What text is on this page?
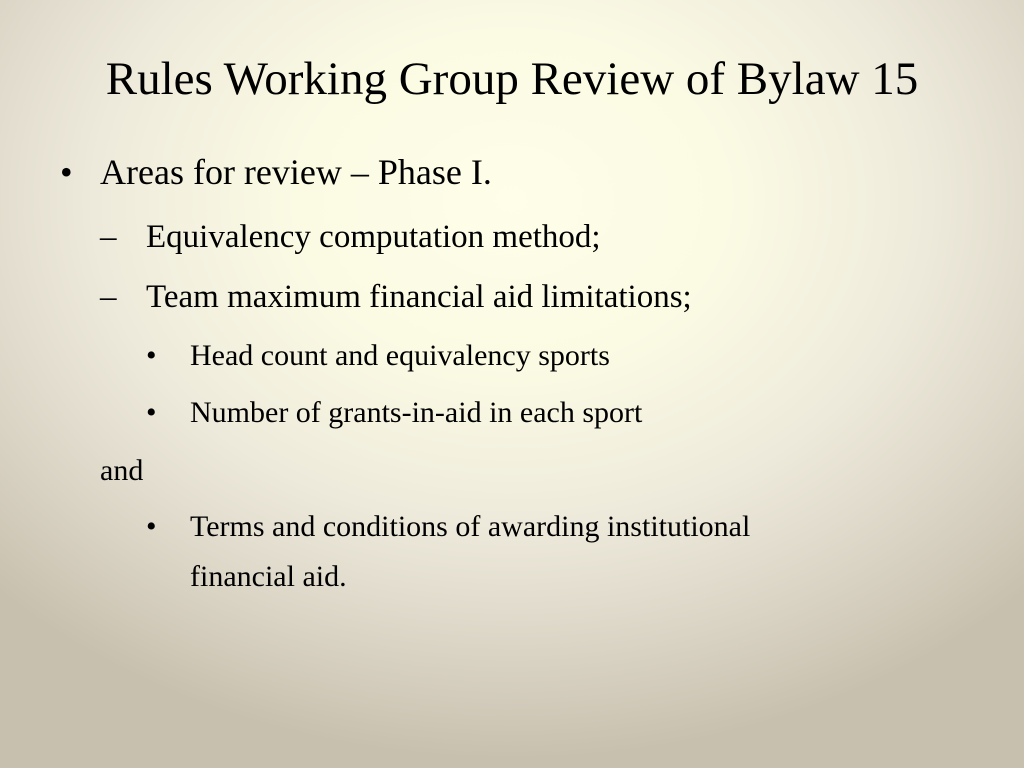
Rules Working Group Review of Bylaw 15
• Areas for review – Phase I.
– Equivalency computation method;
– Team maximum financial aid limitations;
• Head count and equivalency sports
• Number of grants-in-aid in each sport
and
• Terms and conditions of awarding institutional
financial aid.
